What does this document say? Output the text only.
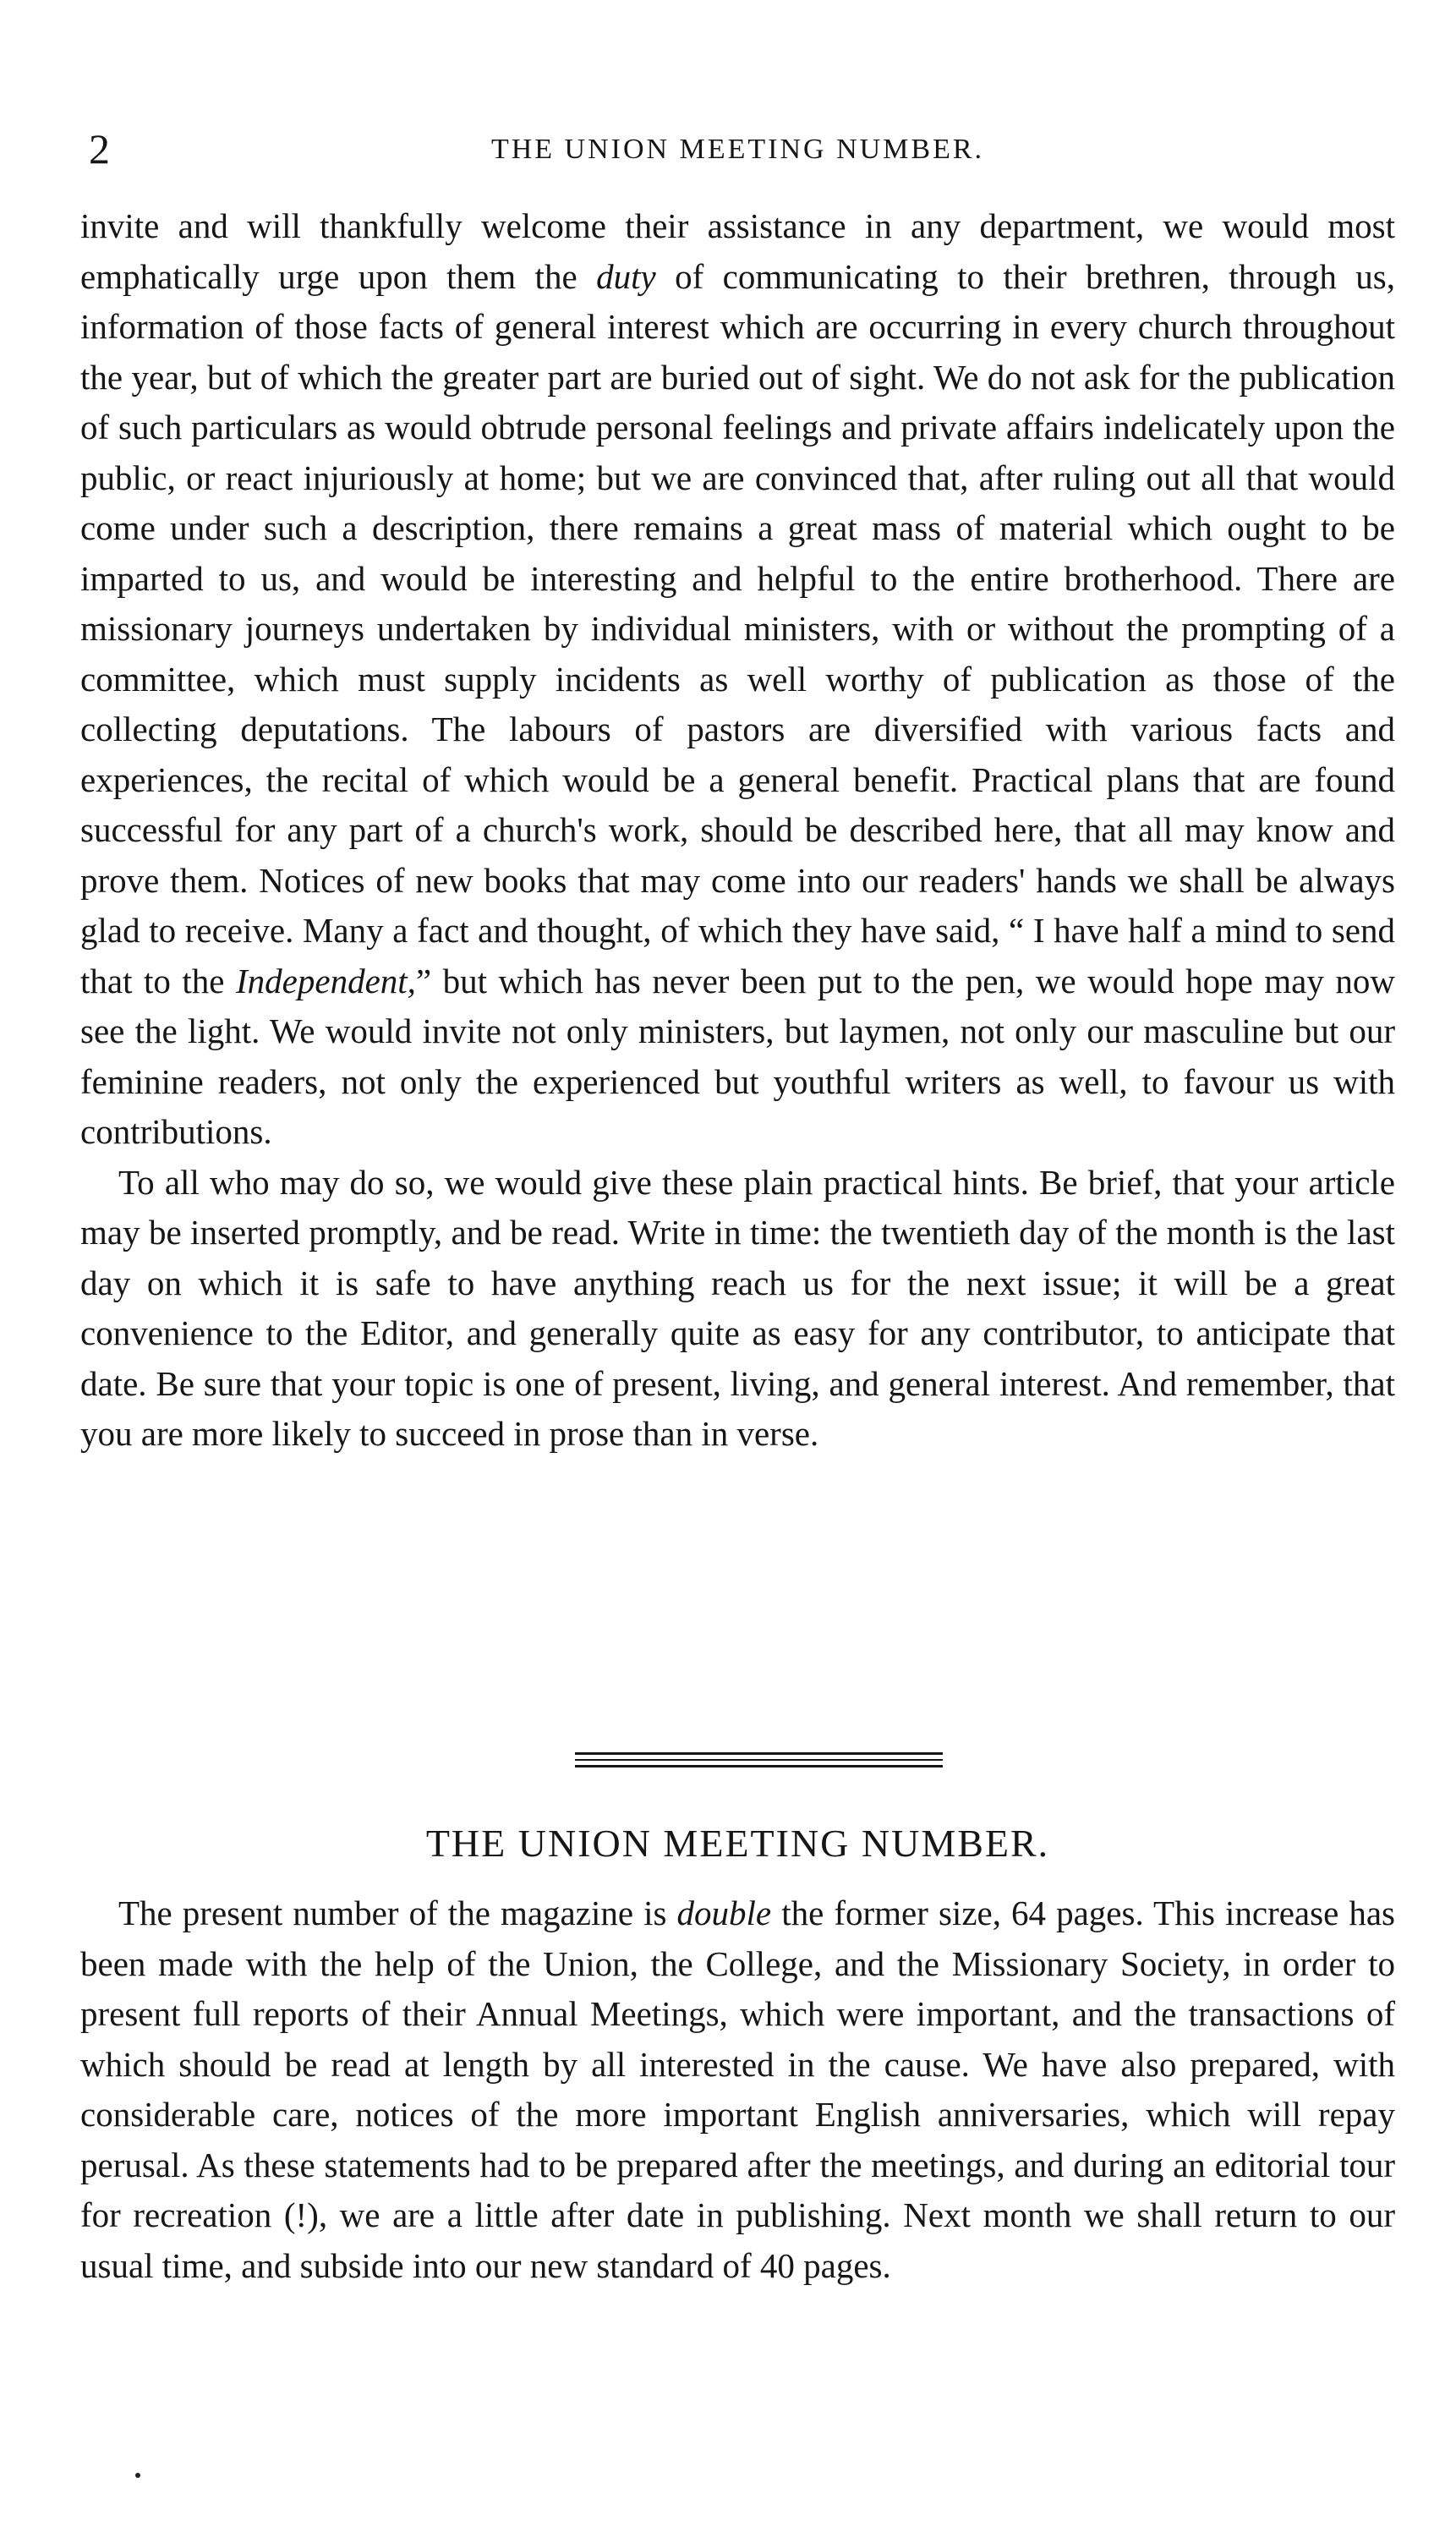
2	THE UNION MEETING NUMBER.

invite and will thankfully welcome their assistance in any department, we would most emphatically urge upon them the duty of communicating to their brethren, through us, information of those facts of general interest which are occurring in every church throughout the year, but of which the greater part are buried out of sight. We do not ask for the publication of such particulars as would obtrude personal feelings and private affairs indelicately upon the public, or react injuriously at home; but we are convinced that, after ruling out all that would come under such a description, there remains a great mass of material which ought to be imparted to us, and would be interesting and helpful to the entire brotherhood. There are missionary journeys undertaken by individual ministers, with or without the prompting of a committee, which must supply incidents as well worthy of publication as those of the collecting deputations. The labours of pastors are diversified with various facts and experiences, the recital of which would be a general benefit. Practical plans that are found successful for any part of a church's work, should be described here, that all may know and prove them. Notices of new books that may come into our readers' hands we shall be always glad to receive. Many a fact and thought, of which they have said, “ I have half a mind to send that to the Independent,” but which has never been put to the pen, we would hope may now see the light. We would invite not only ministers, but laymen, not only our masculine but our feminine readers, not only the experienced but youthful writers as well, to favour us with contributions.

To all who may do so, we would give these plain practical hints. Be brief, that your article may be inserted promptly, and be read. Write in time: the twentieth day of the month is the last day on which it is safe to have anything reach us for the next issue; it will be a great convenience to the Editor, and generally quite as easy for any contributor, to anticipate that date. Be sure that your topic is one of present, living, and general interest. And remember, that you are more likely to succeed in prose than in verse.

THE UNION MEETING NUMBER.

The present number of the magazine is double the former size, 64 pages. This increase has been made with the help of the Union, the College, and the Missionary Society, in order to present full reports of their Annual Meetings, which were important, and the transactions of which should be read at length by all interested in the cause. We have also prepared, with considerable care, notices of the more important English anniversaries, which will repay perusal. As these statements had to be prepared after the meetings, and during an editorial tour for recreation (!), we are a little after date in publishing. Next month we shall return to our usual time, and subside into our new standard of 40 pages.
